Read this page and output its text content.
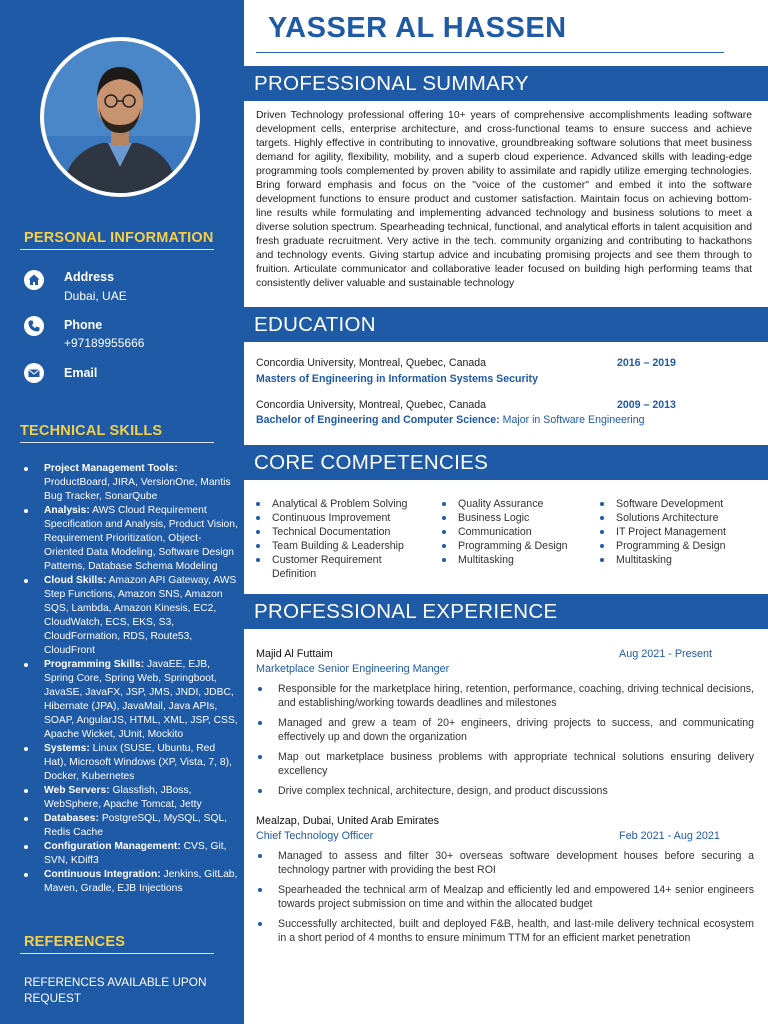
PERSONAL INFORMATION
Address
Dubai, UAE
Phone
+97189955666
Email
TECHNICAL SKILLS
Project Management Tools: ProductBoard, JIRA, VersionOne, Mantis Bug Tracker, SonarQube
Analysis: AWS Cloud Requirement Specification and Analysis, Product Vision, Requirement Prioritization, Object-Oriented Data Modeling, Software Design Patterns, Database Schema Modeling
Cloud Skills: Amazon API Gateway, AWS Step Functions, Amazon SNS, Amazon SQS, Lambda, Amazon Kinesis, EC2, CloudWatch, ECS, EKS, S3, CloudFormation, RDS, Route53, CloudFront
Programming Skills: JavaEE, EJB, Spring Core, Spring Web, Springboot, JavaSE, JavaFX, JSP, JMS, JNDI, JDBC, Hibernate (JPA), JavaMail, Java APIs, SOAP, AngularJS, HTML, XML, JSP, CSS, Apache Wicket, JUnit, Mockito
Systems: Linux (SUSE, Ubuntu, Red Hat), Microsoft Windows (XP, Vista, 7, 8), Docker, Kubernetes
Web Servers: Glassfish, JBoss, WebSphere, Apache Tomcat, Jetty
Databases: PostgreSQL, MySQL, SQL, Redis Cache
Configuration Management: CVS, Git, SVN, KDiff3
Continuous Integration: Jenkins, GitLab, Maven, Gradle, EJB Injections
REFERENCES
REFERENCES AVAILABLE UPON REQUEST
YASSER AL HASSEN
PROFESSIONAL SUMMARY

Driven Technology professional offering 10+ years of comprehensive accomplishments leading software development cells, enterprise architecture, and cross-functional teams to ensure success and achieve targets. Highly effective in contributing to innovative, groundbreaking software solutions that meet business demand for agility, flexibility, mobility, and a superb cloud experience. Advanced skills with leading-edge programming tools complemented by proven ability to assimilate and rapidly utilize emerging technologies. Bring forward emphasis and focus on the "voice of the customer" and embed it into the software development functions to ensure product and customer satisfaction. Maintain focus on achieving bottom-line results while formulating and implementing advanced technology and business solutions to meet a diverse solution spectrum. Spearheading technical, functional, and analytical efforts in talent acquisition and fresh graduate recruitment. Very active in the tech. community organizing and contributing to hackathons and technology events. Giving startup advice and incubating promising projects and see them through to fruition. Articulate communicator and collaborative leader focused on building high performing teams that consistently deliver valuable and sustainable technology

EDUCATION
Concordia University, Montreal, Quebec, Canada	2016 – 2019
Masters of Engineering in Information Systems Security
Concordia University, Montreal, Quebec, Canada	2009 – 2013
Bachelor of Engineering and Computer Science: Major in Software Engineering
CORE COMPETENCIES
Analytical & Problem Solving
Continuous Improvement
Technical Documentation
Team Building & Leadership
Customer Requirement Definition
Quality Assurance
Business Logic
Communication
Programming & Design
Multitasking
Software Development
Solutions Architecture
IT Project Management
Programming & Design
Multitasking
PROFESSIONAL EXPERIENCE
Majid Al Futtaim	Aug 2021 - Present
Marketplace Senior Engineering Manger
Responsible for the marketplace hiring, retention, performance, coaching, driving technical decisions, and establishing/working towards deadlines and milestones
Managed and grew a team of 20+ engineers, driving projects to success, and communicating effectively up and down the organization
Map out marketplace business problems with appropriate technical solutions ensuring delivery excellency
Drive complex technical, architecture, design, and product discussions
Mealzap, Dubai, United Arab Emirates
Chief Technology Officer	Feb 2021 - Aug 2021
Managed to assess and filter 30+ overseas software development houses before securing a technology partner with providing the best ROI
Spearheaded the technical arm of Mealzap and efficiently led and empowered 14+ senior engineers towards project submission on time and within the allocated budget
Successfully architected, built and deployed F&B, health, and last-mile delivery technical ecosystem in a short period of 4 months to ensure minimum TTM for an efficient market penetration
